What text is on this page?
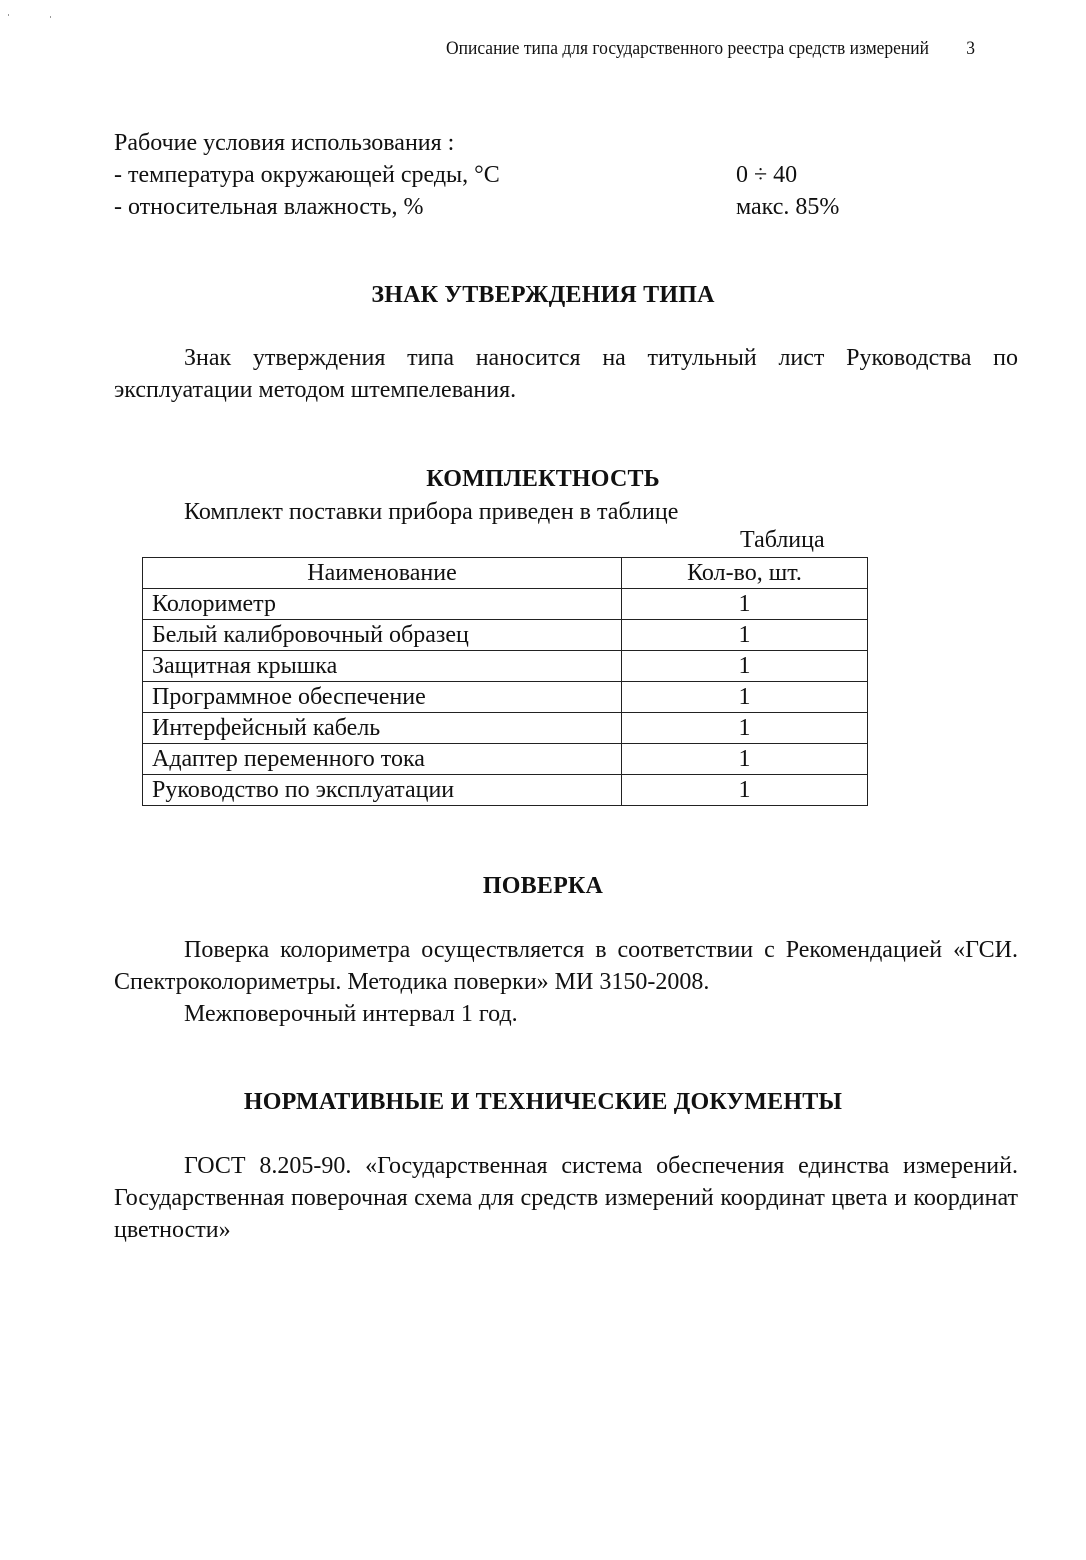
Описание типа для государственного реестра средств измерений 3
Рабочие условия использования :
- температура окружающей среды, °С	0 ÷ 40
- относительная влажность, %	макс. 85%
ЗНАК УТВЕРЖДЕНИЯ ТИПА
Знак утверждения типа наносится на титульный лист Руководства по эксплуатации методом штемпелевания.
КОМПЛЕКТНОСТЬ
Комплект поставки прибора приведен в таблице
Таблица
Наименование	Кол-во, шт.
Колориметр	1
Белый калибровочный образец	1
Защитная крышка	1
Программное обеспечение	1
Интерфейсный кабель	1
Адаптер переменного тока	1
Руководство по эксплуатации	1
ПОВЕРКА
Поверка колориметра осуществляется в соответствии с Рекомендацией «ГСИ. Спектроколориметры. Методика поверки» МИ 3150-2008.
Межповерочный интервал 1 год.
НОРМАТИВНЫЕ И ТЕХНИЧЕСКИЕ ДОКУМЕНТЫ
ГОСТ 8.205-90. «Государственная система обеспечения единства измерений. Государственная поверочная схема для средств измерений координат цвета и координат цветности»
